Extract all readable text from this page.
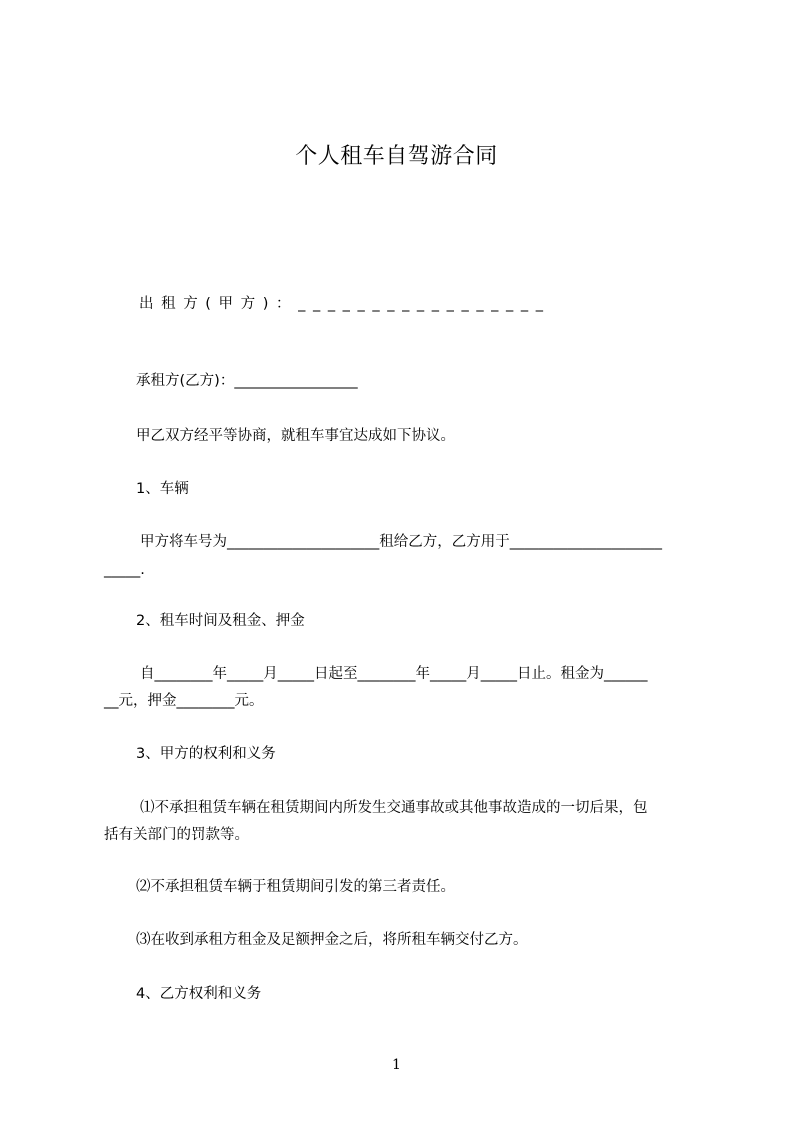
个人租车自驾游合同
出租方(甲方)：_________________
承租方(乙方)：_________________
甲乙双方经平等协商，就租车事宜达成如下协议。
1、车辆
甲方将车号为_____________________租给乙方，乙方用于_____________________
_____.
2、租车时间及租金、押金
自________年_____月_____日起至________年_____月_____日止。租金为______
__元，押金________元。
3、甲方的权利和义务
⑴不承担租赁车辆在租赁期间内所发生交通事故或其他事故造成的一切后果，包
括有关部门的罚款等。
⑵不承担租赁车辆于租赁期间引发的第三者责任。
⑶在收到承租方租金及足额押金之后，将所租车辆交付乙方。
4、乙方权利和义务
1
